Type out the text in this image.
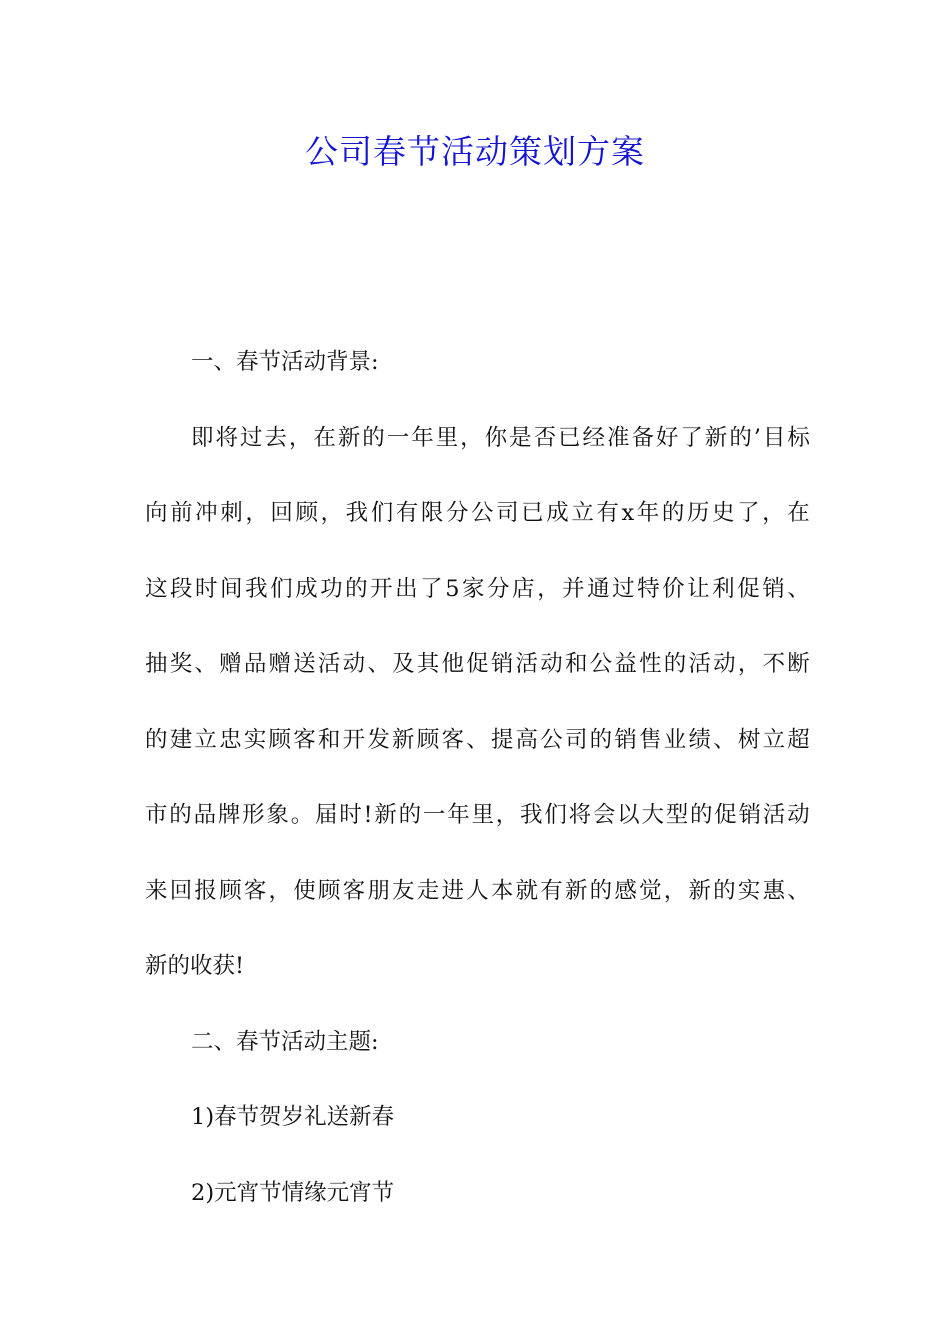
公司春节活动策划方案
一、春节活动背景:
即 将 过 去 ， 在 新 的 一 年 里 ， 你 是 否 已 经 准 备 好 了 新 的 ’ 目 标
向 前 冲 刺 ， 回 顾 ， 我 们 有 限 分 公 司 已 成 立 有 x 年 的 历 史 了 ， 在
这 段 时 间 我 们 成 功 的 开 出 了 5 家 分 店 ， 并 通 过 特 价 让 利 促 销 、
抽 奖 、 赠 品 赠 送 活 动 、 及 其 他 促 销 活 动 和 公 益 性 的 活 动 ， 不 断
的 建 立 忠 实 顾 客 和 开 发 新 顾 客 、 提 高 公 司 的 销 售 业 绩 、 树 立 超
市 的 品 牌 形 象 。 届 时 ! 新 的 一 年 里 ， 我 们 将 会 以 大 型 的 促 销 活 动
来 回 报 顾 客 ， 使 顾 客 朋 友 走 进 人 本 就 有 新 的 感 觉 ， 新 的 实 惠 、
新的收获!
二、春节活动主题:
1)春节贺岁礼送新春
2)元宵节情缘元宵节
